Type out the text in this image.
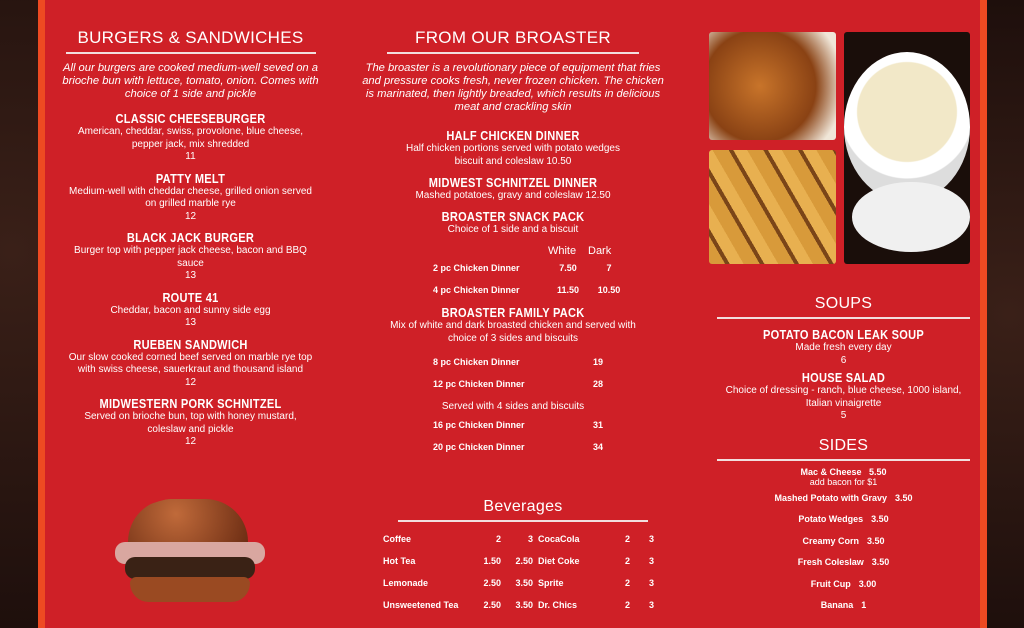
BURGERS & SANDWICHES
All our burgers are cooked medium-well seved on a brioche bun with lettuce, tomato, onion. Comes with choice of 1 side and pickle
CLASSIC CHEESEBURGER
American, cheddar, swiss, provolone, blue cheese, pepper jack, mix shredded
11
PATTY MELT
Medium-well with cheddar cheese, grilled onion served on grilled marble rye
12
BLACK JACK BURGER
Burger top with pepper jack cheese, bacon and BBQ sauce
13
ROUTE 41
Cheddar, bacon and sunny side egg
13
RUEBEN SANDWICH
Our slow cooked corned beef served on marble rye top with swiss cheese, sauerkraut and thousand island
12
MIDWESTERN PORK SCHNITZEL
Served on brioche bun, top with honey mustard, coleslaw and pickle
12
FROM OUR BROASTER
The broaster is a revolutionary piece of equipment that fries and pressure cooks fresh, never frozen chicken. The chicken is marinated, then lightly breaded, which results in delicious meat and crackling skin
HALF CHICKEN DINNER
Half chicken portions served with potato wedges biscuit and coleslaw 10.50
MIDWEST SCHNITZEL DINNER
Mashed potatoes, gravy and coleslaw 12.50
BROASTER SNACK PACK
Choice of 1 side and a biscuit
White	Dark
2 pc Chicken Dinner	7.50	7
4 pc Chicken Dinner	11.50	10.50
BROASTER FAMILY PACK
Mix of white and dark broasted chicken and served with choice of 3 sides and biscuits
8 pc Chicken Dinner	19
12 pc Chicken Dinner	28
Served with 4 sides and biscuits
16 pc Chicken Dinner	31
20 pc Chicken Dinner	34
Beverages
Coffee	2	3
Hot Tea	1.50	2.50
Lemonade	2.50	3.50
Unsweetened Tea	2.50	3.50
CocaCola	2	3
Diet Coke	2	3
Sprite	2	3
Dr. Chics	2	3
SOUPS
POTATO BACON LEAK SOUP
Made fresh every day
6
HOUSE SALAD
Choice of dressing - ranch, blue cheese, 1000 island, Italian vinaigrette
5
SIDES
Mac & Cheese 5.50
add bacon for $1
Mashed Potato with Gravy 3.50
Potato Wedges 3.50
Creamy Corn 3.50
Fresh Coleslaw 3.50
Fruit Cup 3.00
Banana 1
